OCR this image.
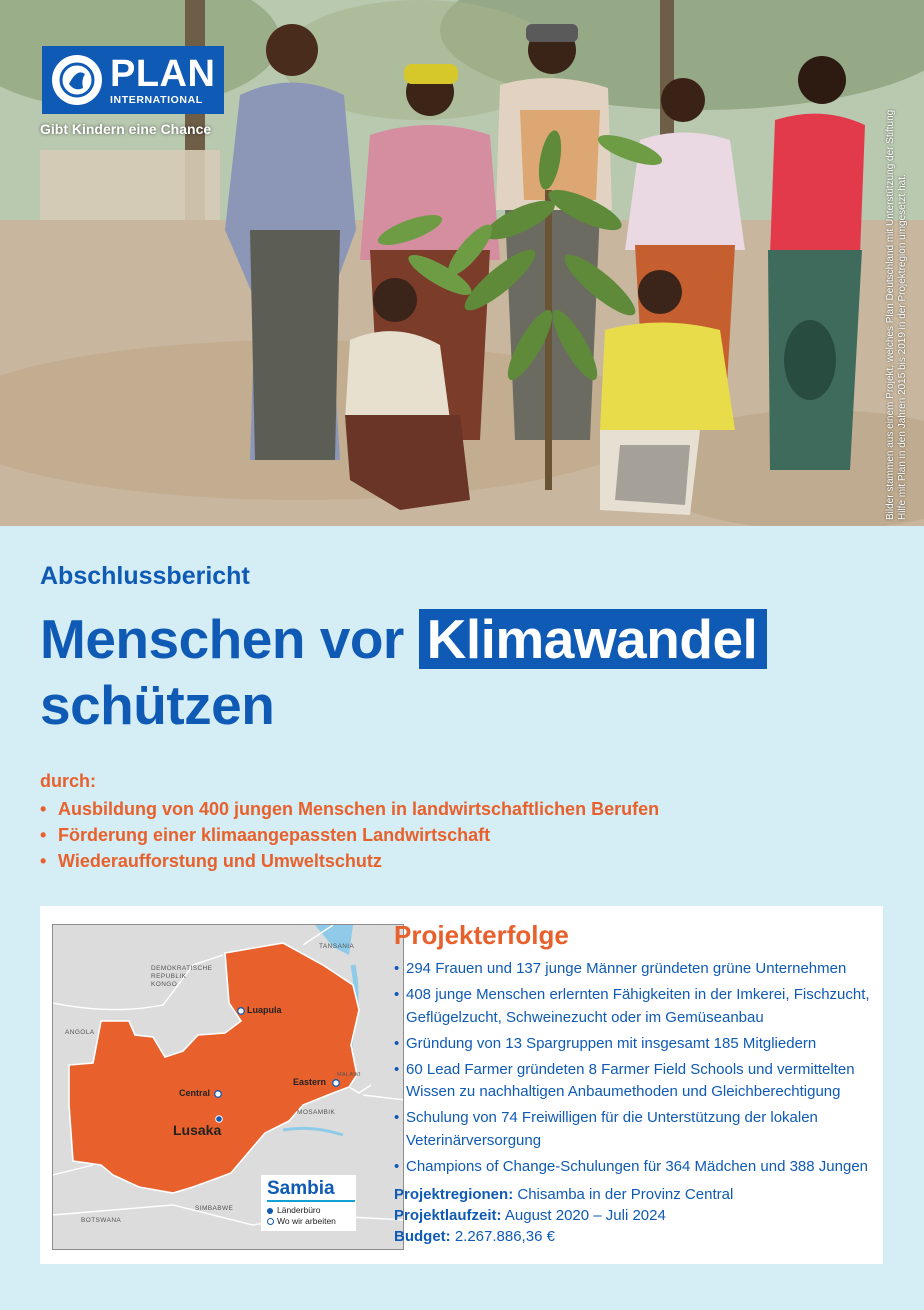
PLAN
INTERNATIONAL
Gibt Kindern eine Chance	Bilder stammen aus einem Projekt, welches Plan Deutschland mit Unterstützung der Stiftung Hilfe mit Plan in den Jahren 2015 bis 2019 in der Projektregion umgesetzt hat.
Abschlussbericht
Menschen vor Klimawandel
schützen
durch:
• Ausbildung von 400 jungen Menschen in landwirtschaftlichen Berufen
• Förderung einer klimaangepassten Landwirtschaft
• Wiederaufforstung und Umweltschutz
DEMOKRATISCHE
REPUBLIK
KONGO
TANSANIA
ANGOLA
MALAWI
MOSAMBIK
SIMBABWE
BOTSWANA
Luapula
Central
Eastern
Lusaka
Sambia
Länderbüro
Wo wir arbeiten
Projekterfolge
• 294 Frauen und 137 junge Männer gründeten grüne Unternehmen
• 408 junge Menschen erlernten Fähigkeiten in der Imkerei, Fischzucht, Geflügelzucht, Schweinezucht oder im Gemüseanbau
• Gründung von 13 Spargruppen mit insgesamt 185 Mitgliedern
• 60 Lead Farmer gründeten 8 Farmer Field Schools und vermittelten Wissen zu nachhaltigen Anbaumethoden und Gleichberechtigung
• Schulung von 74 Freiwilligen für die Unterstützung der lokalen Veterinärversorgung
• Champions of Change-Schulungen für 364 Mädchen und 388 Jungen
Projektregionen: Chisamba in der Provinz Central
Projektlaufzeit: August 2020 – Juli 2024
Budget: 2.267.886,36 €
